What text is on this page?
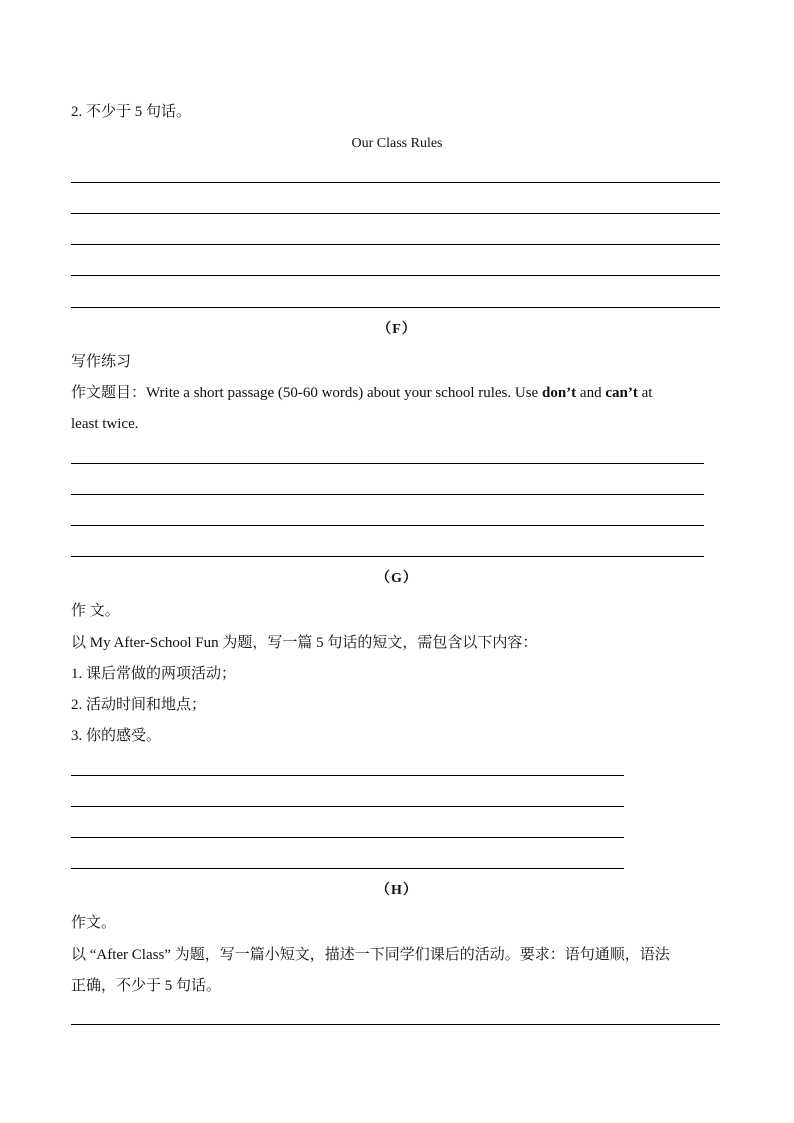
2. 不少于 5 句话。
Our Class Rules
（F）
写作练习
作文题目：Write a short passage (50-60 words) about your school rules. Use don’t and can’t at
least twice.
（G）
作 文。
以 My After-School Fun 为题，写一篇 5 句话的短文，需包含以下内容：
1. 课后常做的两项活动；
2. 活动时间和地点；
3. 你的感受。
（H）
作文。
以 “After Class” 为题，写一篇小短文，描述一下同学们课后的活动。要求：语句通顺，语法
正确，不少于 5 句话。
